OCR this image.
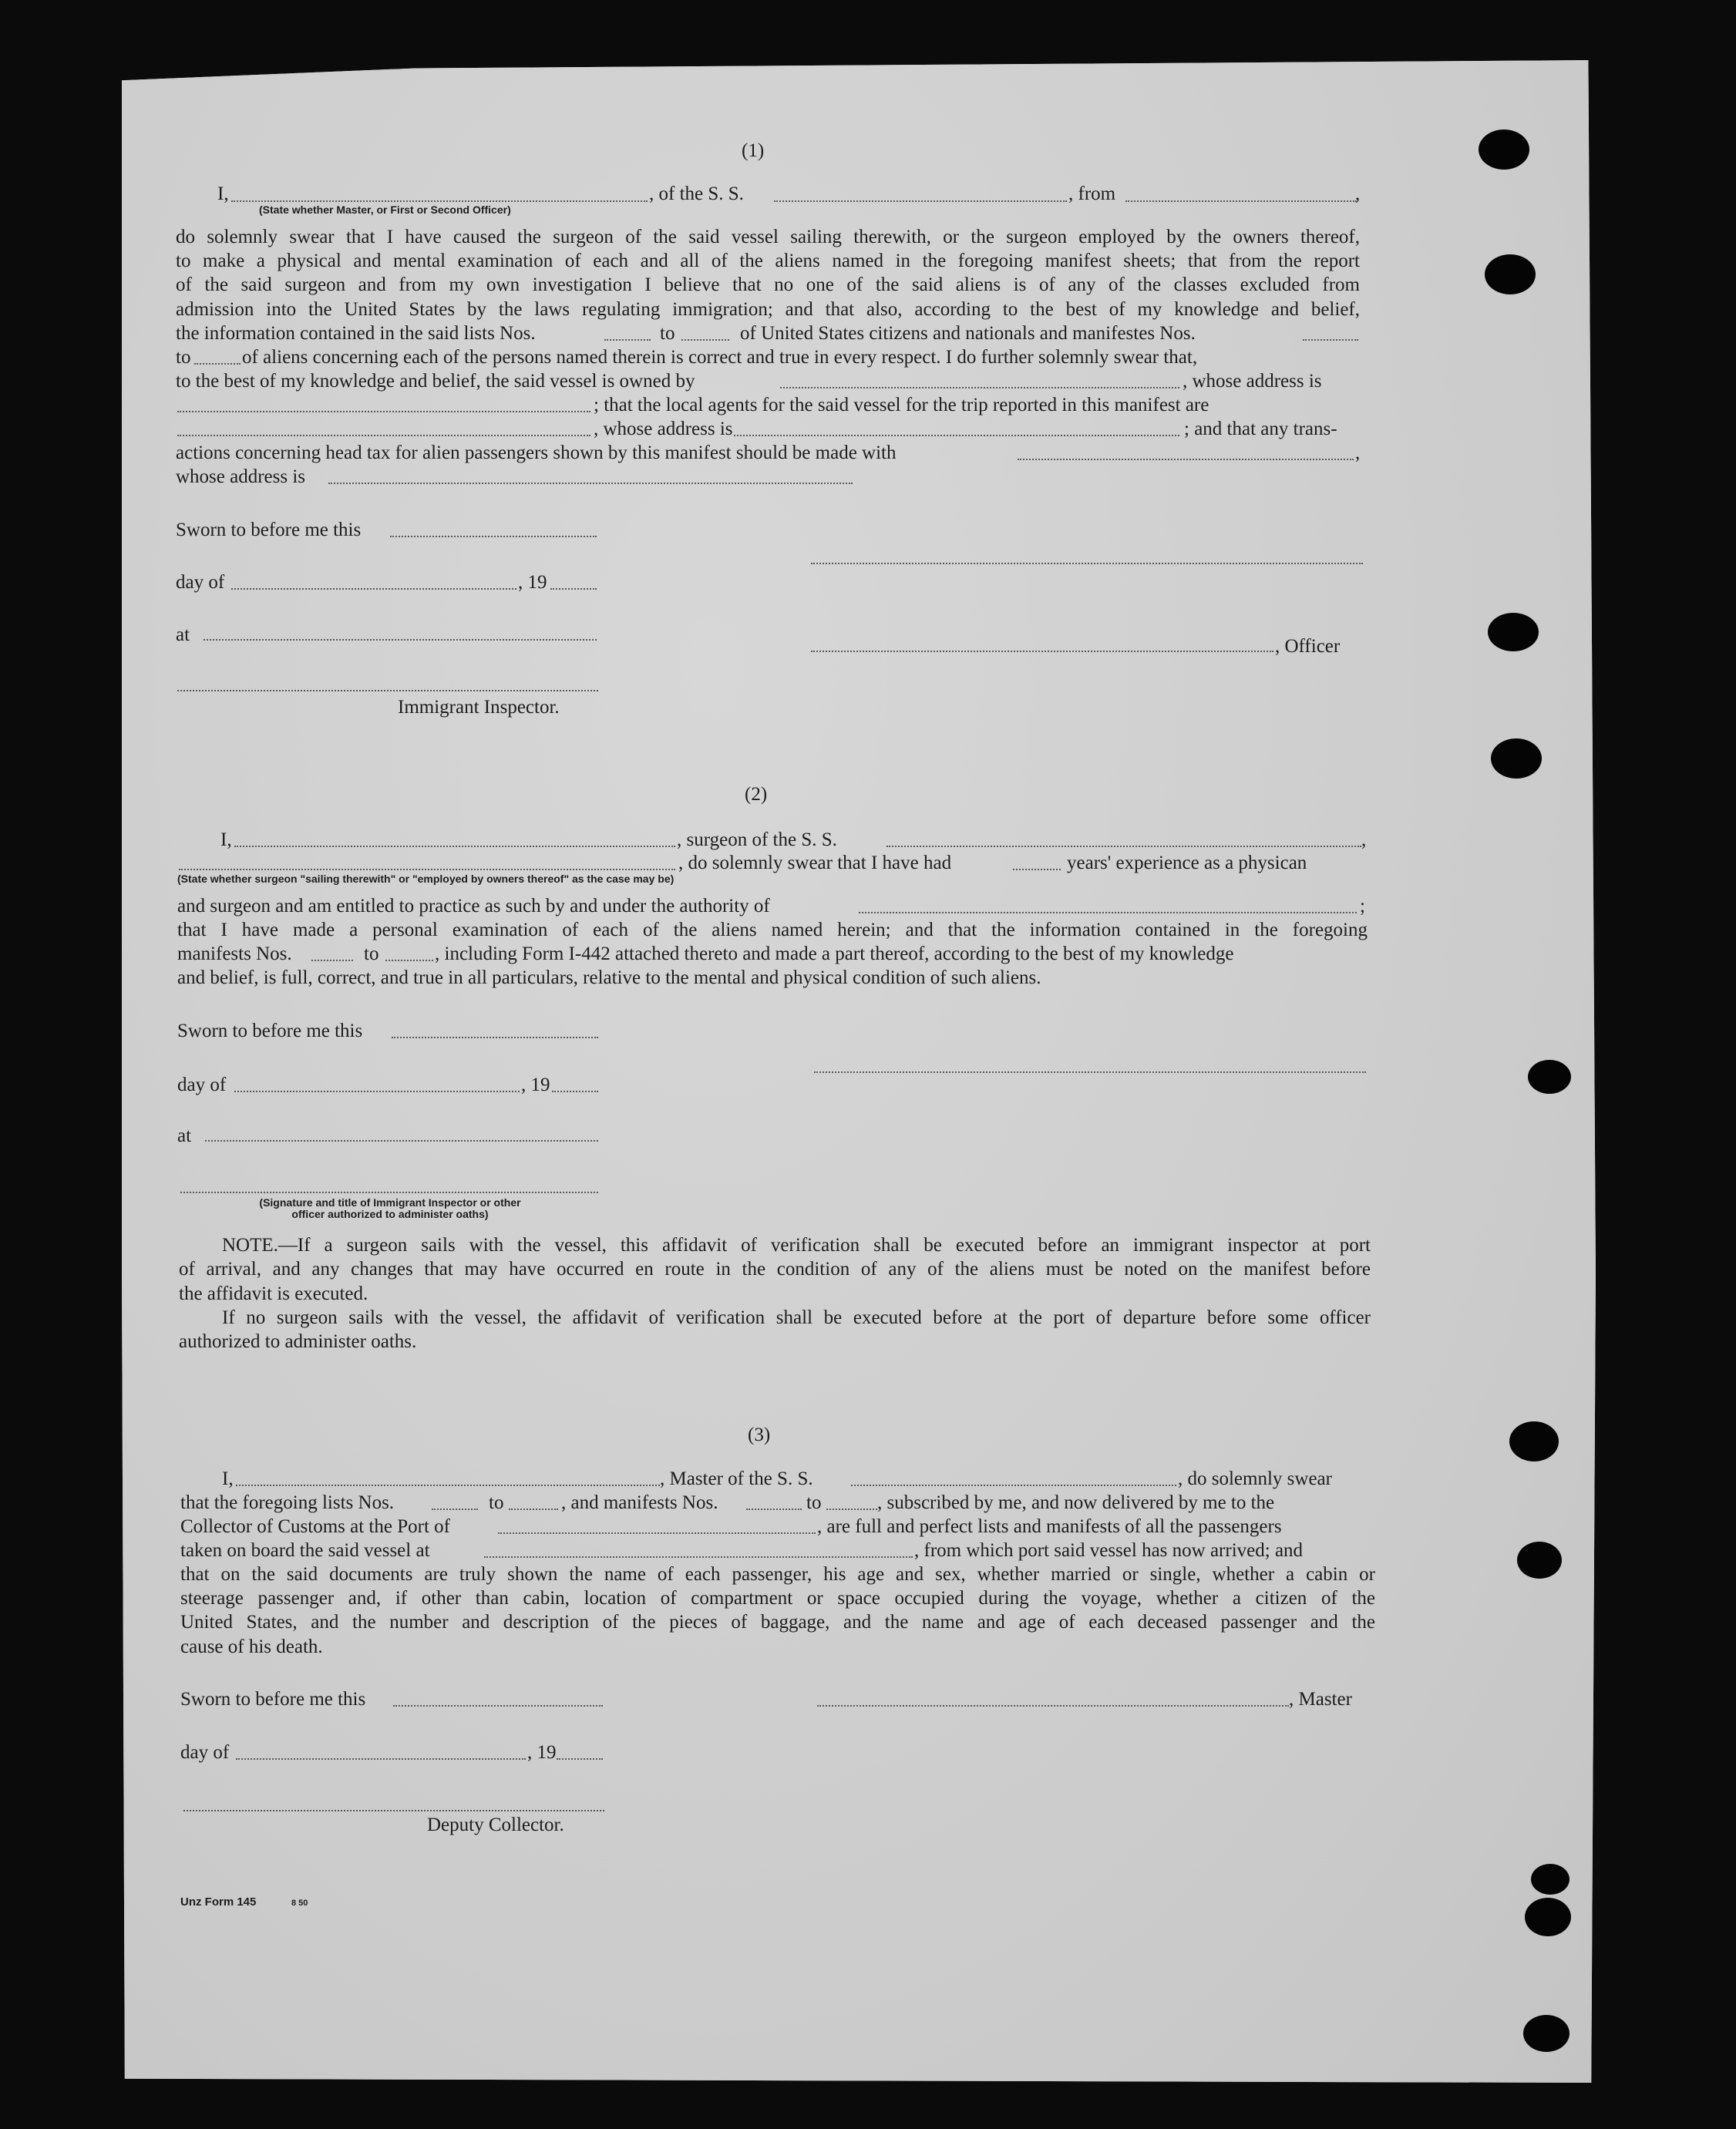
(1)
I,	, of the S. S.	, from	,
(State whether Master, or First or Second Officer)
do solemnly swear that I have caused the surgeon of the said vessel sailing therewith, or the surgeon employed by the owners thereof,
to make a physical and mental examination of each and all of the aliens named in the foregoing manifest sheets; that from the report
of the said surgeon and from my own investigation I believe that no one of the said aliens is of any of the classes excluded from
admission into the United States by the laws regulating immigration; and that also, according to the best of my knowledge and belief,
the information contained in the said lists Nos.	to	of United States citizens and nationals and manifestes Nos.
to	of aliens concerning each of the persons named therein is correct and true in every respect. I do further solemnly swear that,
to the best of my knowledge and belief, the said vessel is owned by	, whose address is
; that the local agents for the said vessel for the trip reported in this manifest are
, whose address is	; and that any trans-
actions concerning head tax for alien passengers shown by this manifest should be made with	,
whose address is
Sworn to before me this
day of	, 19
at
, Officer
Immigrant Inspector.
(2)
I,	, surgeon of the S. S.	,
, do solemnly swear that I have had	years' experience as a physican
(State whether surgeon "sailing therewith" or "employed by owners thereof" as the case may be)
and surgeon and am entitled to practice as such by and under the authority of	;
that I have made a personal examination of each of the aliens named herein; and that the information contained in the foregoing
manifests Nos.	to	, including Form I-442 attached thereto and made a part thereof, according to the best of my knowledge
and belief, is full, correct, and true in all particulars, relative to the mental and physical condition of such aliens.
Sworn to before me this
day of	, 19
at
(Signature and title of Immigrant Inspector or other
officer authorized to administer oaths)
NOTE.—If a surgeon sails with the vessel, this affidavit of verification shall be executed before an immigrant inspector at port
of arrival, and any changes that may have occurred en route in the condition of any of the aliens must be noted on the manifest before
the affidavit is executed.
If no surgeon sails with the vessel, the affidavit of verification shall be executed before at the port of departure before some officer
authorized to administer oaths.
(3)
I,	, Master of the S. S.	, do solemnly swear
that the foregoing lists Nos.	to	, and manifests Nos.	to	, subscribed by me, and now delivered by me to the
Collector of Customs at the Port of	, are full and perfect lists and manifests of all the passengers
taken on board the said vessel at	, from which port said vessel has now arrived; and
that on the said documents are truly shown the name of each passenger, his age and sex, whether married or single, whether a cabin or
steerage passenger and, if other than cabin, location of compartment or space occupied during the voyage, whether a citizen of the
United States, and the number and description of the pieces of baggage, and the name and age of each deceased passenger and the
cause of his death.
Sworn to before me this	, Master
day of	, 19
Deputy Collector.
Unz Form 145	8 50
